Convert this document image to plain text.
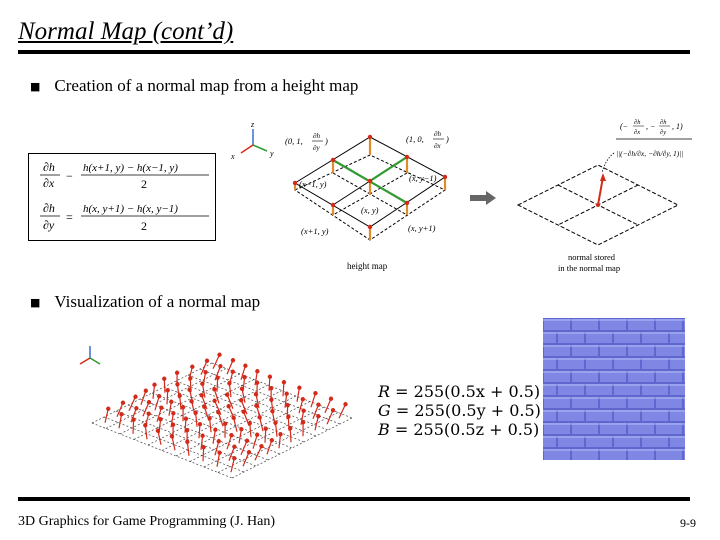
Normal Map (cont’d)
■ Creation of a normal map from a height map
∂h
∂x −
h(x+1, y) − h(x−1, y)
2
∂h
∂y
=
h(x, y+1) − h(x, y−1)
2
z
y
x
(0, 1, ∂h
∂y
)	(1, 0, ∂h
∂x
)
(x−1, y)
(x, y−1)
(x, y)
(x+1, y)	(x, y+1)
height map
(− ∂h
∂x
, − ∂h
∂y
, 1)
||(−∂h/∂x, −∂h/∂y, 1)||
normal stored
in the normal map
■ Visualization of a normal map
R = 255(0.5x + 0.5)
G = 255(0.5y + 0.5)
B = 255(0.5z + 0.5)
3D Graphics for Game Programming (J. Han)	9-9
